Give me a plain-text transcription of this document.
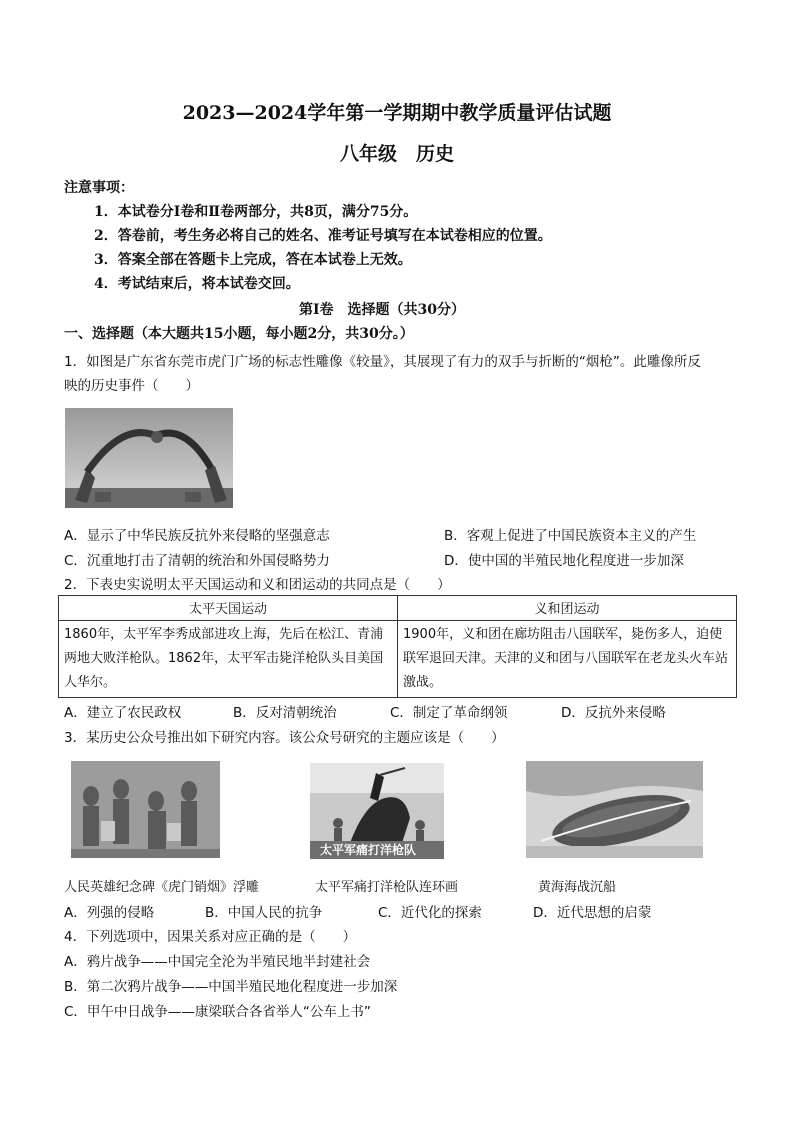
2023—2024学年第一学期期中教学质量评估试题
八年级　历史
注意事项：
1．本试卷分Ⅰ卷和Ⅱ卷两部分，共8页，满分75分。
2．答卷前，考生务必将自己的姓名、准考证号填写在本试卷相应的位置。
3．答案全部在答题卡上完成，答在本试卷上无效。
4．考试结束后，将本试卷交回。
第Ⅰ卷　选择题（共30分）
一、选择题（本大题共15小题，每小题2分，共30分。）
1．如图是广东省东莞市虎门广场的标志性雕像《较量》，其展现了有力的双手与折断的“烟枪”。此雕像所反
映的历史事件（　　）
A．显示了中华民族反抗外来侵略的坚强意志	B．客观上促进了中国民族资本主义的产生
C．沉重地打击了清朝的统治和外国侵略势力	D．使中国的半殖民地化程度进一步加深
2．下表史实说明太平天国运动和义和团运动的共同点是（　　）
太平天国运动	义和团运动
1860年，太平军李秀成部进攻上海，先后在松江、青浦两地大败洋枪队。1862年，太平军击毙洋枪队头目美国人华尔。	1900年，义和团在廊坊阻击八国联军，毙伤多人，迫使联军退回天津。天津的义和团与八国联军在老龙头火车站激战。
A．建立了农民政权	B．反对清朝统治	C．制定了革命纲领	D．反抗外来侵略
3．某历史公众号推出如下研究内容。该公众号研究的主题应该是（　　）
太平军痛打洋枪队
人民英雄纪念碑《虎门销烟》浮雕	太平军痛打洋枪队连环画	黄海海战沉船
A．列强的侵略	B．中国人民的抗争	C．近代化的探索	D．近代思想的启蒙
4．下列选项中，因果关系对应正确的是（　　）
A．鸦片战争——中国完全沦为半殖民地半封建社会
B．第二次鸦片战争——中国半殖民地化程度进一步加深
C．甲午中日战争——康梁联合各省举人“公车上书”
